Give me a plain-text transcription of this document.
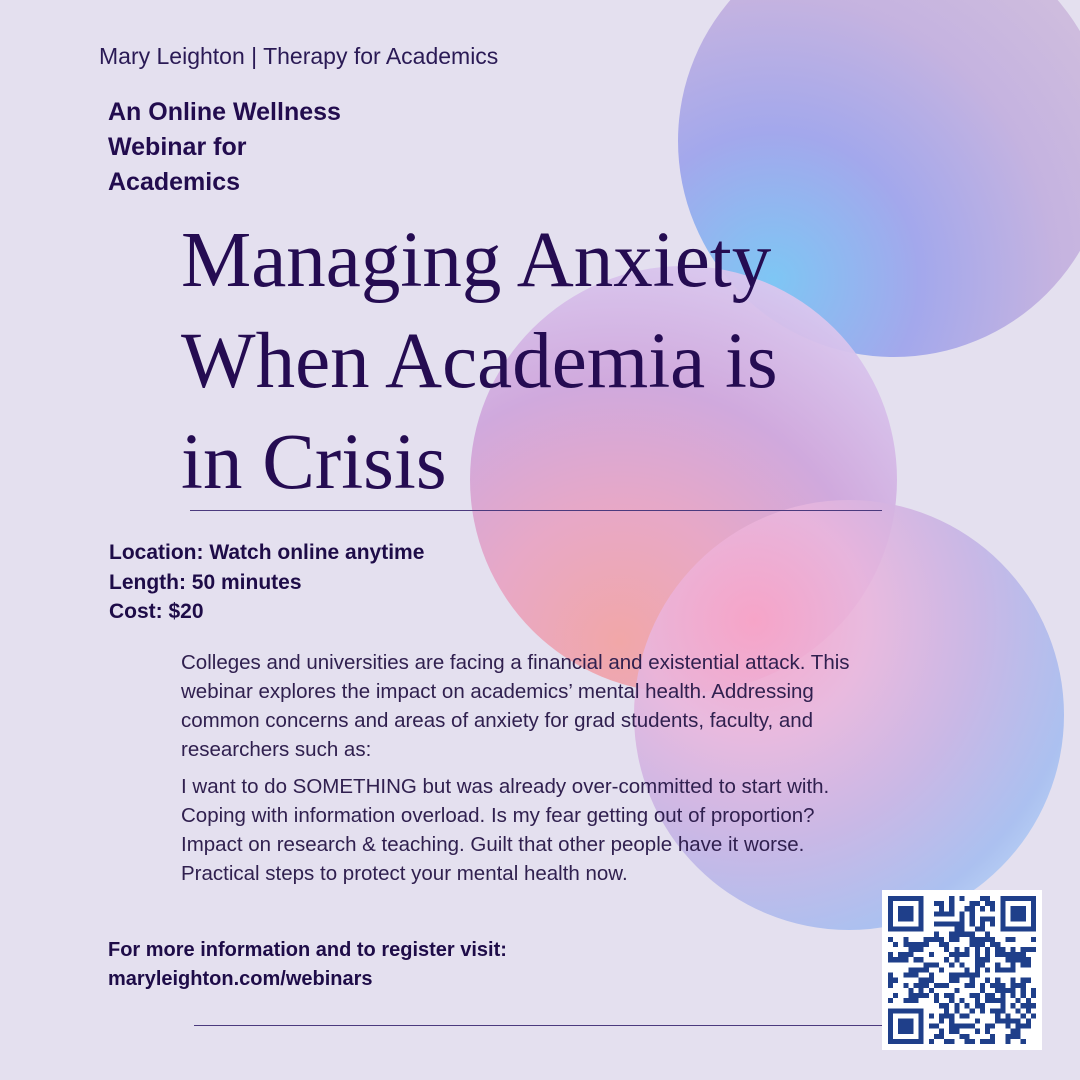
Mary Leighton | Therapy for Academics
An Online Wellness
Webinar for
Academics
Managing Anxiety
When Academia is
in Crisis
Location: Watch online anytime
Length: 50 minutes
Cost: $20

Colleges and universities are facing a financial and existential attack. This webinar explores the impact on academics’ mental health. Addressing common concerns and areas of anxiety for grad students, faculty, and researchers such as:

I want to do SOMETHING but was already over-committed to start with. Coping with information overload. Is my fear getting out of proportion? Impact on research & teaching. Guilt that other people have it worse. Practical steps to protect your mental health now.

For more information and to register visit:
maryleighton.com/webinars
